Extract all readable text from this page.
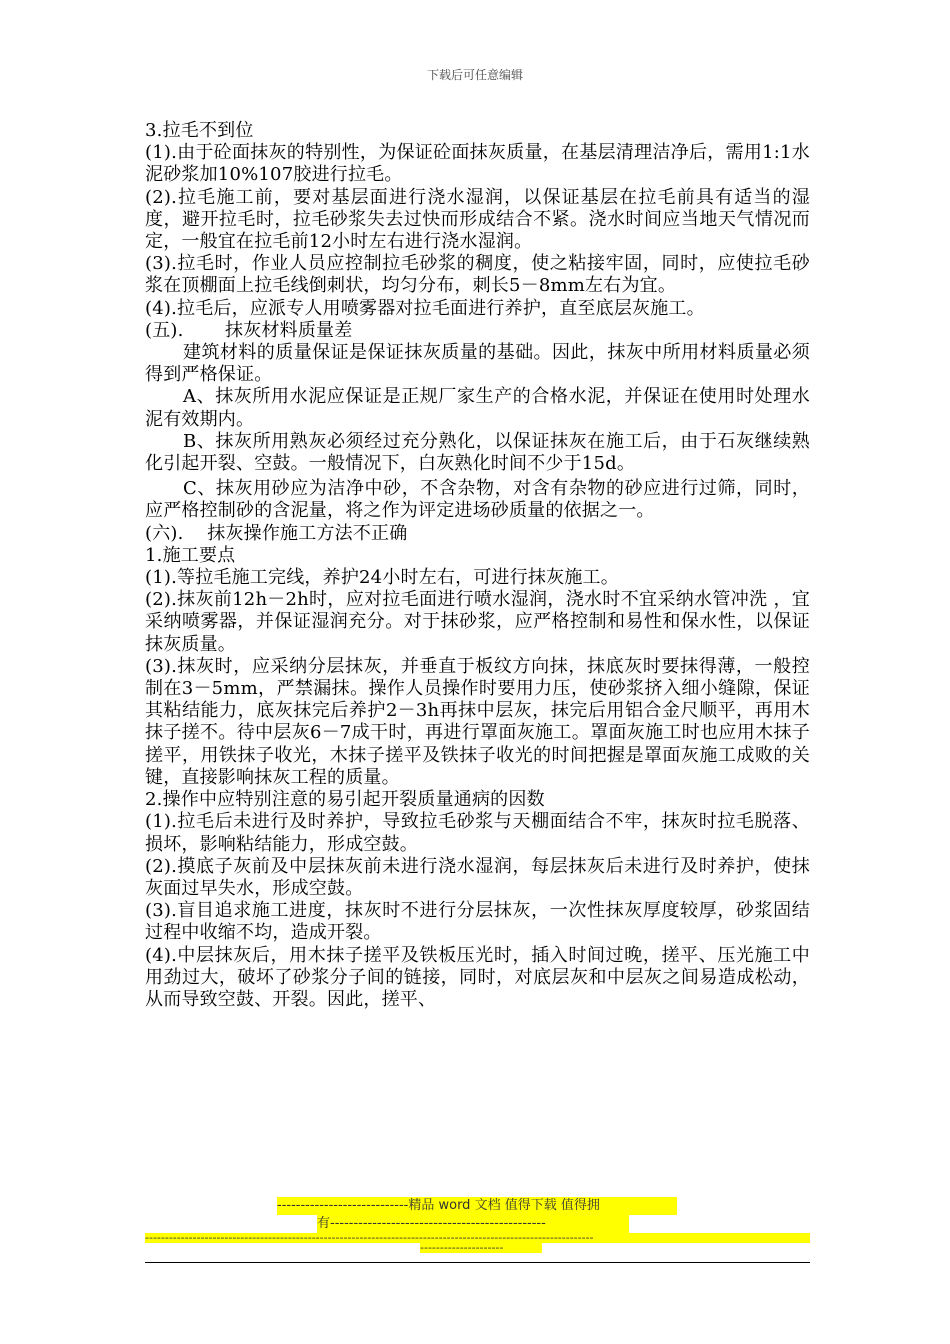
下载后可任意编辑

3.拉毛不到位

(1).由于砼面抹灰的特别性，为保证砼面抹灰质量，在基层清理洁净后，需用1:1水泥砂浆加10%107胶进行拉毛。

(2).拉毛施工前，要对基层面进行浇水湿润，以保证基层在拉毛前具有适当的湿度，避开拉毛时，拉毛砂浆失去过快而形成结合不紧。浇水时间应当地天气情况而定，一般宜在拉毛前12小时左右进行浇水湿润。

(3).拉毛时，作业人员应控制拉毛砂浆的稠度，使之粘接牢固，同时，应使拉毛砂浆在顶棚面上拉毛线倒刺状，均匀分布，刺长5－8mm左右为宜。

(4).拉毛后，应派专人用喷雾器对拉毛面进行养护，直至底层灰施工。

(五).       抹灰材料质量差

建筑材料的质量保证是保证抹灰质量的基础。因此，抹灰中所用材料质量必须得到严格保证。

A、抹灰所用水泥应保证是正规厂家生产的合格水泥，并保证在使用时处理水泥有效期内。

B、抹灰所用熟灰必须经过充分熟化，以保证抹灰在施工后，由于石灰继续熟化引起开裂、空鼓。一般情况下，白灰熟化时间不少于15d。

C、抹灰用砂应为洁净中砂，不含杂物，对含有杂物的砂应进行过筛，同时，应严格控制砂的含泥量，将之作为评定进场砂质量的依据之一。

(六).    抹灰操作施工方法不正确

1.施工要点

(1).等拉毛施工完线，养护24小时左右，可进行抹灰施工。

(2).抹灰前12h－2h时，应对拉毛面进行喷水湿润，浇水时不宜采纳水管冲洗 ，宜采纳喷雾器，并保证湿润充分。对于抹砂浆，应严格控制和易性和保水性，以保证抹灰质量。

(3).抹灰时，应采纳分层抹灰，并垂直于板纹方向抹，抹底灰时要抹得薄，一般控制在3－5mm，严禁漏抹。操作人员操作时要用力压，使砂浆挤入细小缝隙，保证其粘结能力，底灰抹完后养护2－3h再抹中层灰，抹完后用铝合金尺顺平，再用木抹子搓不。待中层灰6－7成干时，再进行罩面灰施工。罩面灰施工时也应用木抹子搓平，用铁抹子收光，木抹子搓平及铁抹子收光的时间把握是罩面灰施工成败的关键，直接影响抹灰工程的质量。

2.操作中应特别注意的易引起开裂质量通病的因数

(1).拉毛后未进行及时养护，导致拉毛砂浆与天棚面结合不牢，抹灰时拉毛脱落、损坏，影响粘结能力，形成空鼓。

(2).摸底子灰前及中层抹灰前未进行浇水湿润，每层抹灰后未进行及时养护，使抹灰面过早失水，形成空鼓。

(3).盲目追求施工进度，抹灰时不进行分层抹灰，一次性抹灰厚度较厚，砂浆固结过程中收缩不均，造成开裂。

(4).中层抹灰后，用木抹子搓平及铁板压光时，插入时间过晚，搓平、压光施工中用劲过大，破坏了砂浆分子间的链接，同时，对底层灰和中层灰之间易造成松动，从而导致空鼓、开裂。因此，搓平、

----------------------------精品 word 文档 值得下载 值得拥
有----------------------------------------------
-----------------------------------------------------------------------------------------------------------------
---------------------
